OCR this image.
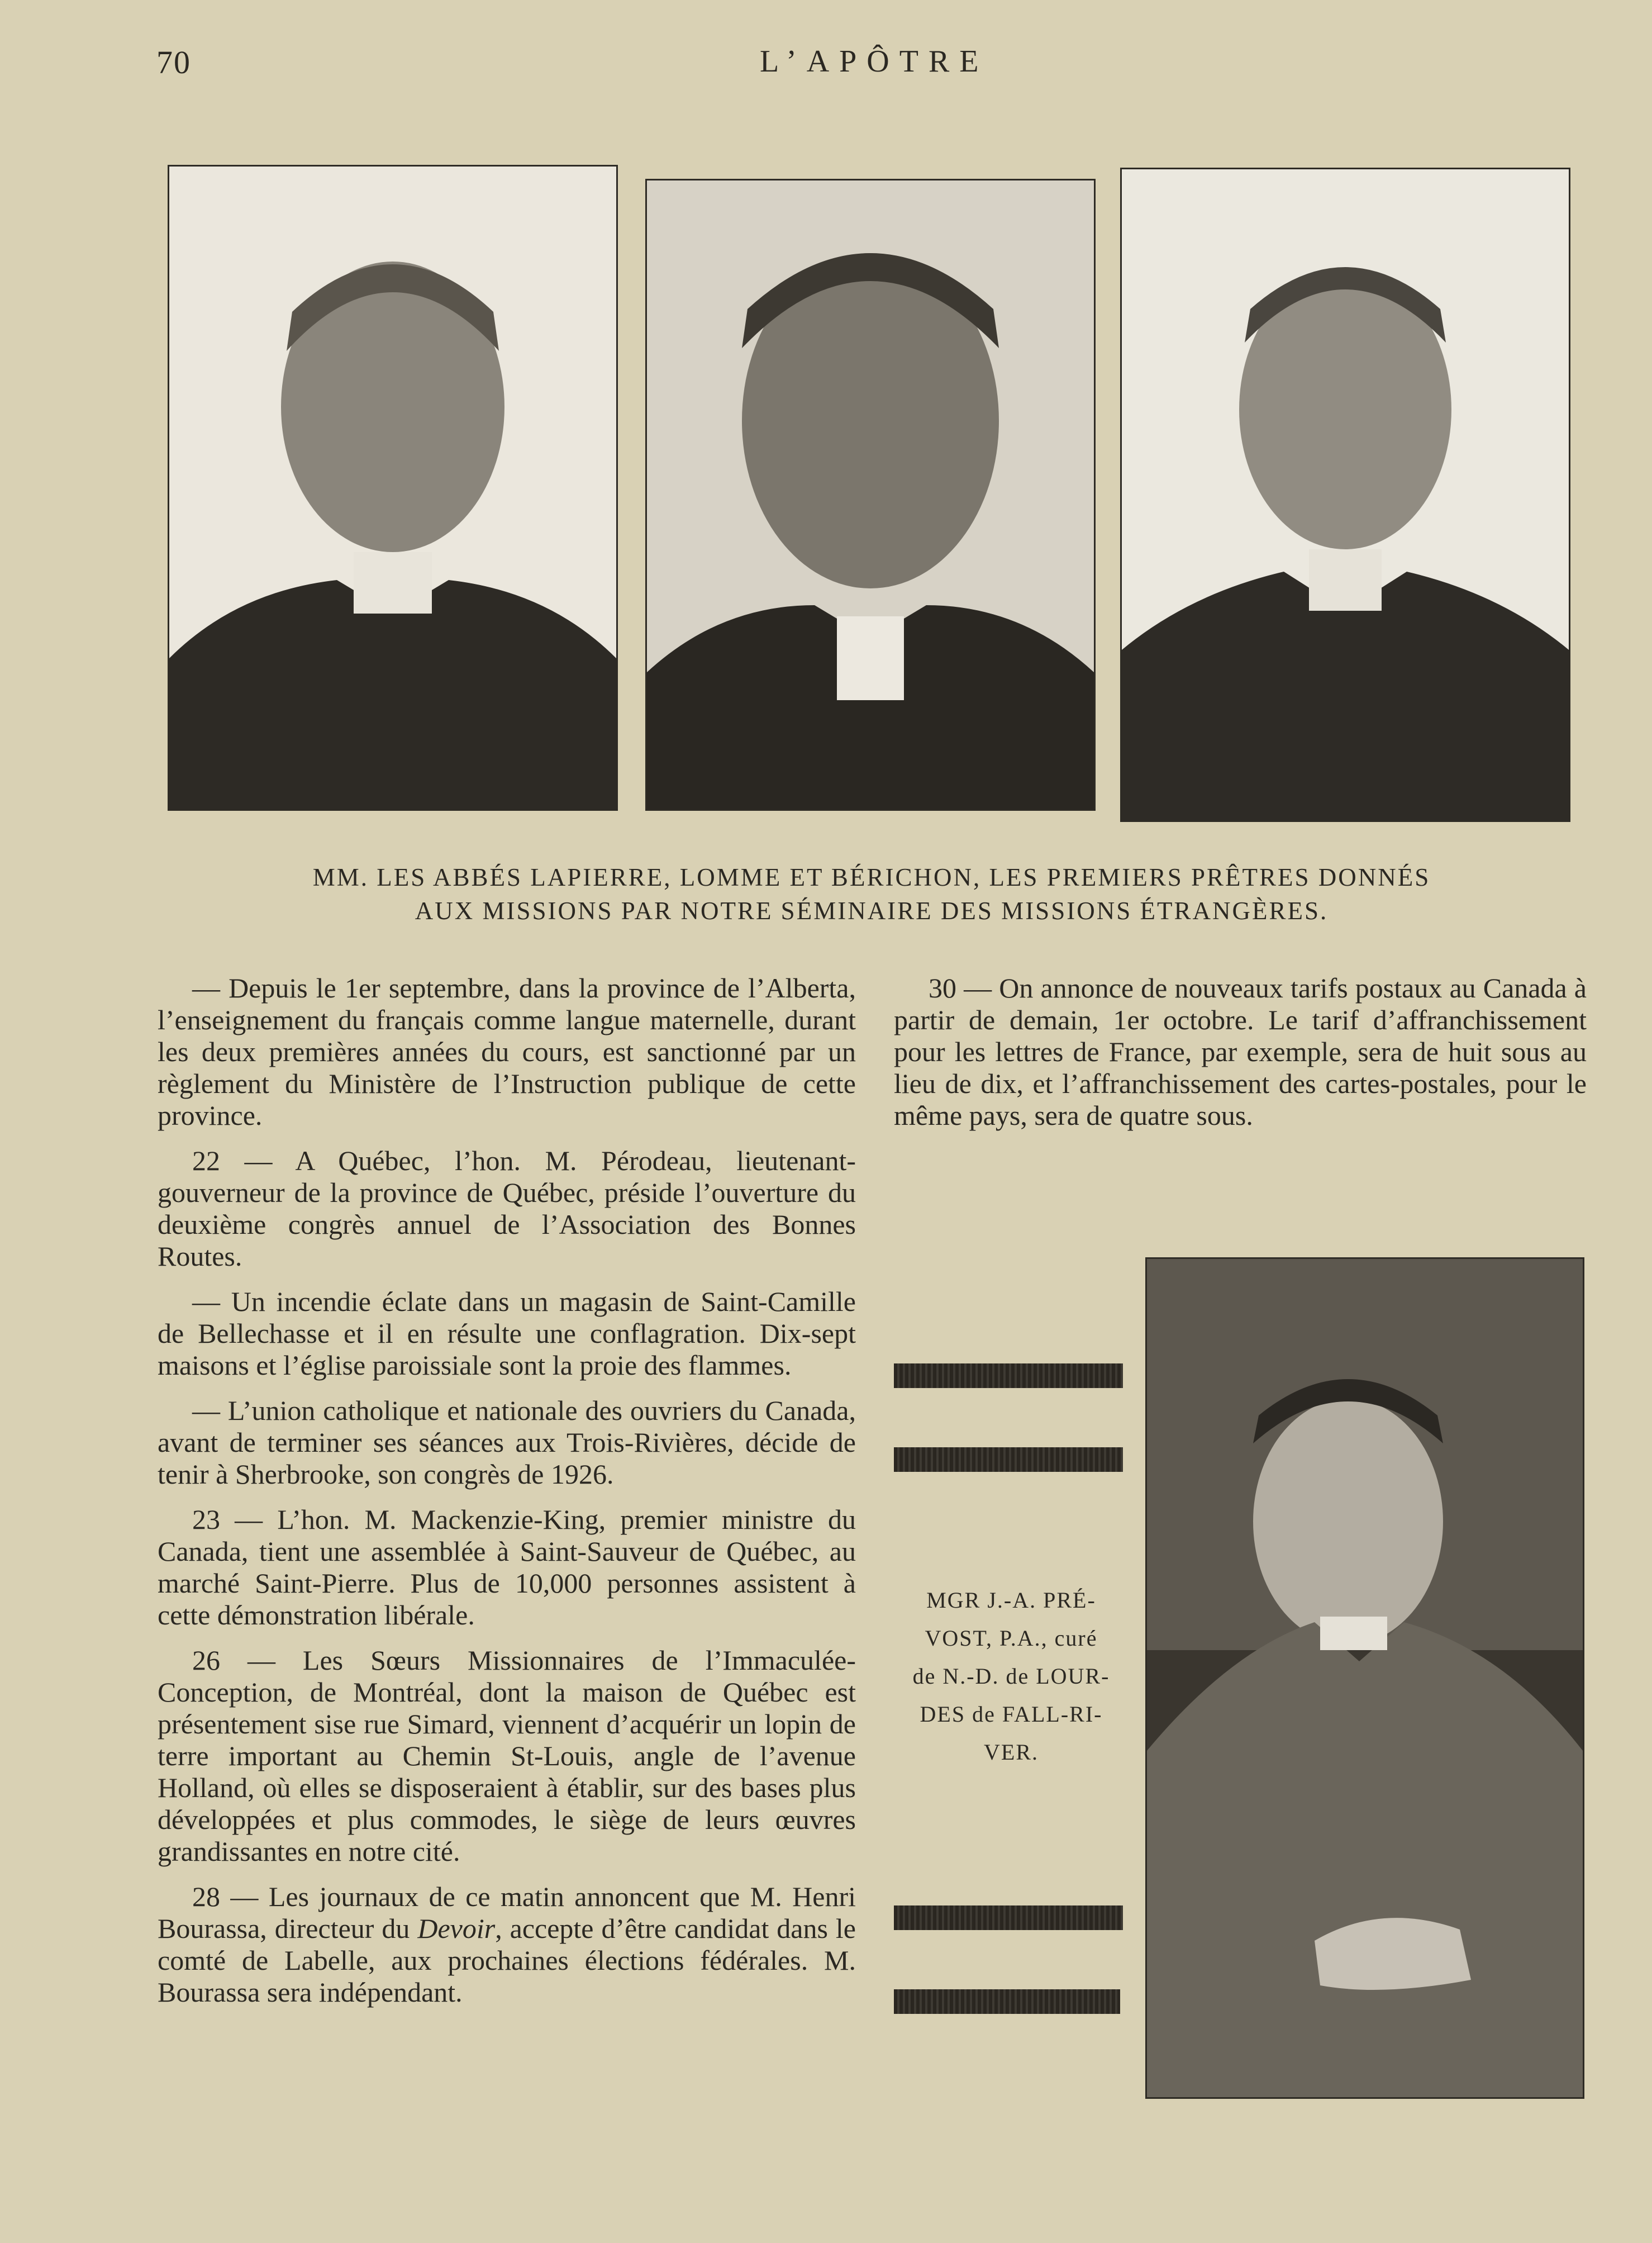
70	L’APÔTRE
MM. LES ABBÉS LAPIERRE, LOMME ET BÉRICHON, LES PREMIERS PRÊTRES DONNÉS
AUX MISSIONS PAR NOTRE SÉMINAIRE DES MISSIONS ÉTRANGÈRES.

— Depuis le 1er septembre, dans la province de l’Alberta, l’enseignement du français comme langue maternelle, durant les deux premières années du cours, est sanctionné par un règlement du Ministère de l’Instruction publique de cette province.

22 — A Québec, l’hon. M. Pérodeau, lieutenant-gouverneur de la province de Québec, préside l’ouverture du deuxième congrès annuel de l’Association des Bonnes Routes.

— Un incendie éclate dans un magasin de Saint-Camille de Bellechasse et il en résulte une conflagration. Dix-sept maisons et l’église paroissiale sont la proie des flammes.

— L’union catholique et nationale des ouvriers du Canada, avant de terminer ses séances aux Trois-Rivières, décide de tenir à Sherbrooke, son congrès de 1926.

23 — L’hon. M. Mackenzie-King, premier ministre du Canada, tient une assemblée à Saint-Sauveur de Québec, au marché Saint-Pierre. Plus de 10,000 personnes assistent à cette démonstration libérale.

26 — Les Sœurs Missionnaires de l’Immaculée-Conception, de Montréal, dont la maison de Québec est présentement sise rue Simard, viennent d’acquérir un lopin de terre important au Chemin St-Louis, angle de l’avenue Holland, où elles se disposeraient à établir, sur des bases plus développées et plus commodes, le siège de leurs œuvres grandissantes en notre cité.

28 — Les journaux de ce matin annoncent que M. Henri Bourassa, directeur du Devoir, accepte d’être candidat dans le comté de Labelle, aux prochaines élections fédérales. M. Bourassa sera indépendant.

30 — On annonce de nouveaux tarifs postaux au Canada à partir de demain, 1er octobre. Le tarif d’affranchissement pour les lettres de France, par exemple, sera de huit sous au lieu de dix, et l’affranchissement des cartes-postales, pour le même pays, sera de quatre sous.

MGR J.-A. PRÉ-
VOST, P.A., curé
de N.-D. de LOUR-
DES de FALL-RI-
VER.
